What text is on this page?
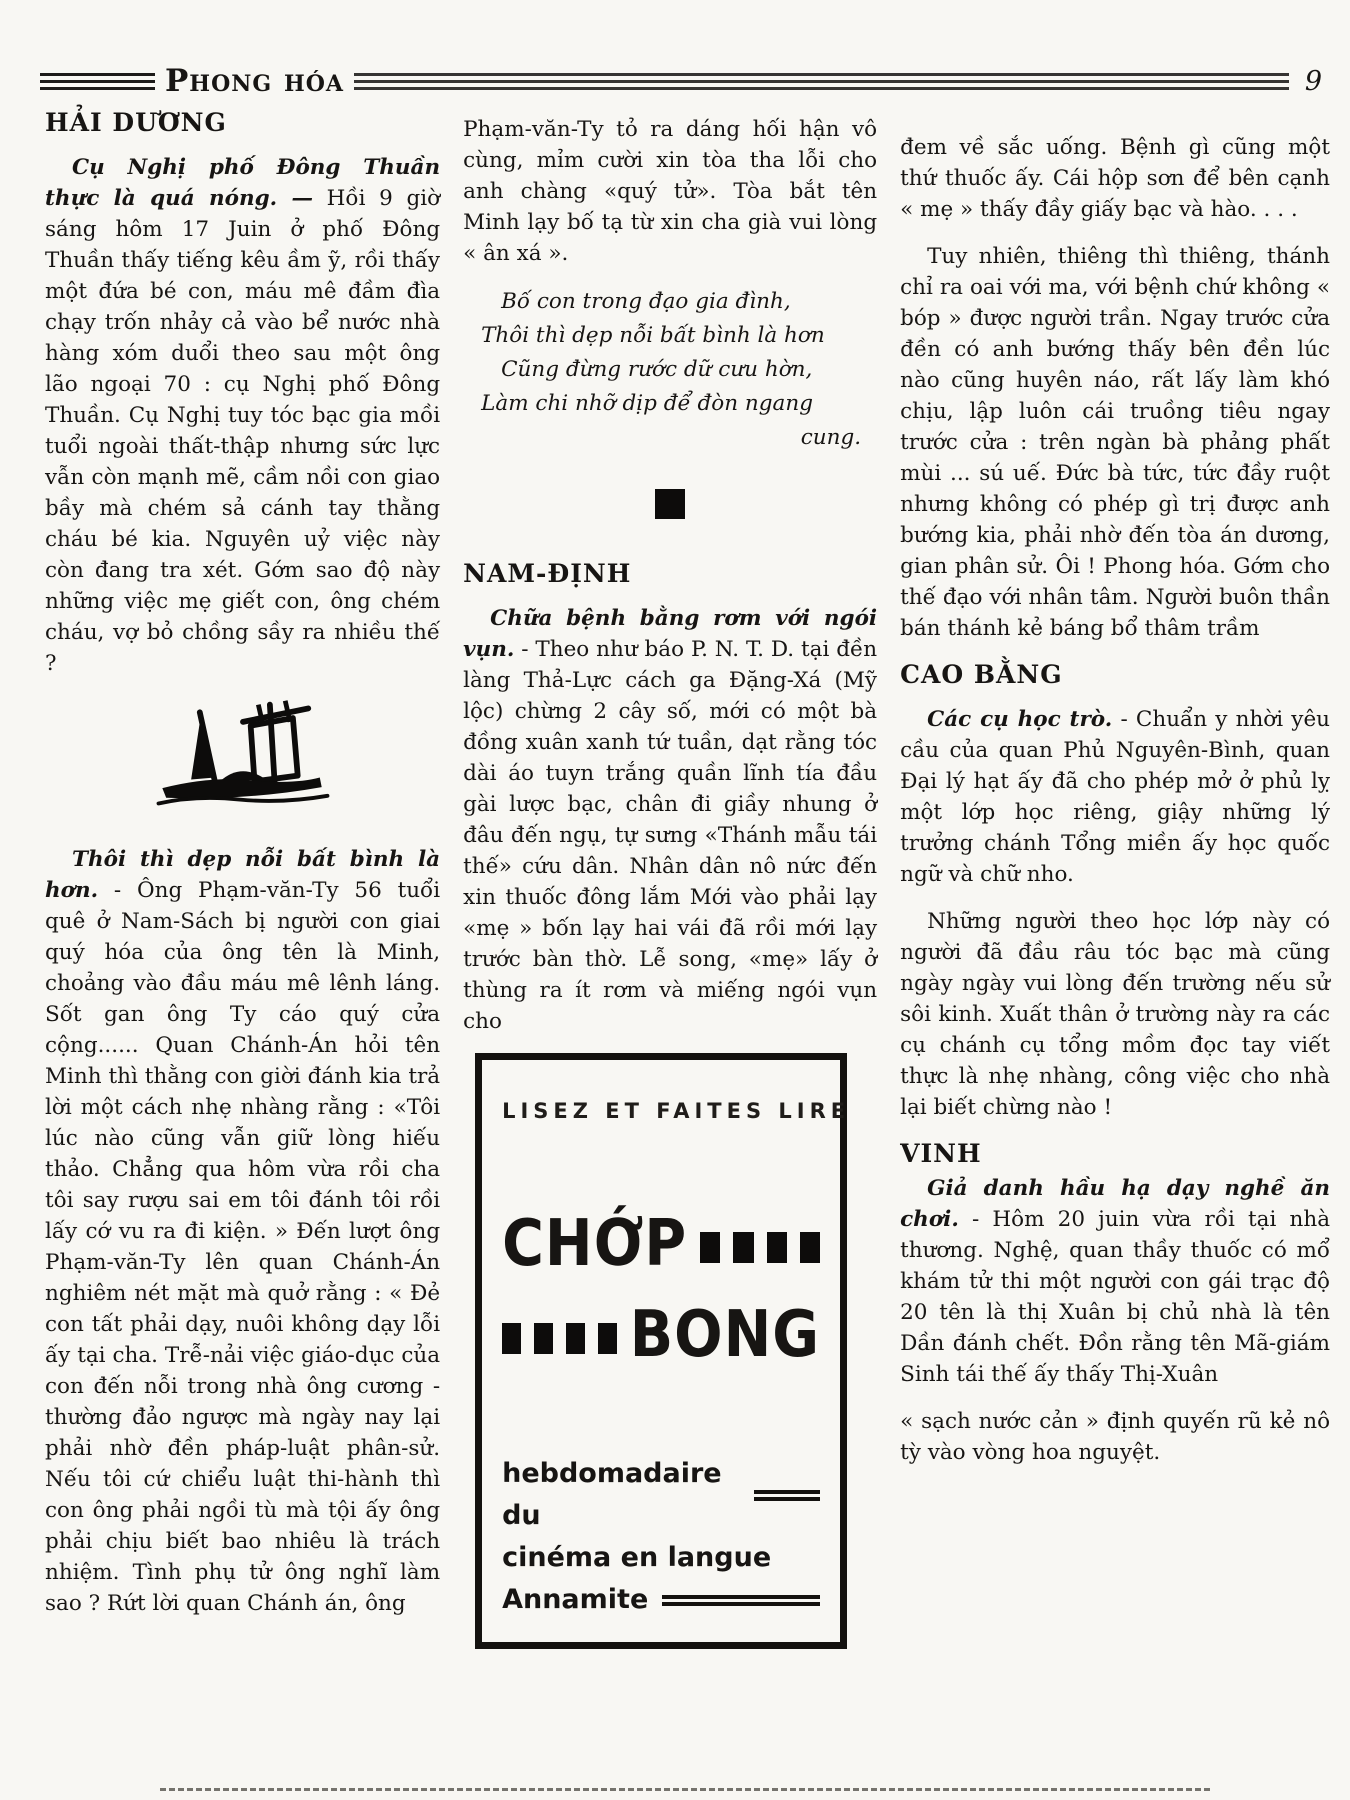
Phong hóa	9
HẢI DƯƠNG

Cụ Nghị phố Đông Thuần thực là quá nóng. — Hồi 9 giờ sáng hôm 17 Juin ở phố Đông Thuần thấy tiếng kêu ầm ỹ, rồi thấy một đứa bé con, máu mê đầm đìa chạy trốn nhảy cả vào bể nước nhà hàng xóm duổi theo sau một ông lão ngoại 70 : cụ Nghị phố Đông Thuần. Cụ Nghị tuy tóc bạc gia mồi tuổi ngoài thất-thập nhưng sức lực vẫn còn mạnh mẽ, cầm nồi con giao bầy mà chém sả cánh tay thằng cháu bé kia. Nguyên uỷ việc này còn đang tra xét. Gớm sao độ này những việc mẹ giết con, ông chém cháu, vợ bỏ chồng sầy ra nhiều thế ?

Thôi thì dẹp nỗi bất bình là hơn. - Ông Phạm-văn-Ty 56 tuổi quê ở Nam-Sách bị người con giai quý hóa của ông tên là Minh, choảng vào đầu máu mê lênh láng. Sốt gan ông Ty cáo quý cửa cộng...... Quan Chánh-Án hỏi tên Minh thì thằng con giời đánh kia trả lời một cách nhẹ nhàng rằng : «Tôi lúc nào cũng vẫn giữ lòng hiếu thảo. Chẳng qua hôm vừa rồi cha tôi say rượu sai em tôi đánh tôi rồi lấy cớ vu ra đi kiện. » Đến lượt ông Phạm-văn-Ty lên quan Chánh-Án nghiêm nét mặt mà quở rằng : « Đẻ con tất phải dạy, nuôi không dạy lỗi ấy tại cha. Trễ-nải việc giáo-dục của con đến nỗi trong nhà ông cương - thường đảo ngược mà ngày nay lại phải nhờ đền pháp-luật phân-sử. Nếu tôi cứ chiểu luật thi-hành thì con ông phải ngồi tù mà tội ấy ông phải chịu biết bao nhiêu là trách nhiệm. Tình phụ tử ông nghĩ làm sao ? Rứt lời quan Chánh án, ông

Phạm-văn-Ty tỏ ra dáng hối hận vô cùng, mỉm cười xin tòa tha lỗi cho anh chàng «quý tử». Tòa bắt tên Minh lạy bố tạ từ xin cha già vui lòng « ân xá ».

Bố con trong đạo gia đình,
Thôi thì dẹp nỗi bất bình là hơn
Cũng đừng rước dữ cưu hờn,
Làm chi nhỡ dịp để đòn ngang
cung.
NAM-ĐỊNH

Chữa bệnh bằng rơm với ngói vụn. - Theo như báo P. N. T. D. tại đền làng Thả-Lực cách ga Đặng-Xá (Mỹ lộc) chừng 2 cây số, mới có một bà đồng xuân xanh tứ tuần, dạt rằng tóc dài áo tuyn trắng quần lĩnh tía đầu gài lược bạc, chân đi giầy nhung ở đâu đến ngụ, tự sưng «Thánh mẫu tái thế» cứu dân. Nhân dân nô nức đến xin thuốc đông lắm Mới vào phải lạy «mẹ » bốn lạy hai vái đã rồi mới lạy trước bàn thờ. Lễ song, «mẹ» lấy ở thùng ra ít rơm và miếng ngói vụn cho

LISEZ ET FAITES LIRE
CHỚP
BONG
hebdomadaire du
cinéma en langue
Annamite

đem về sắc uống. Bệnh gì cũng một thứ thuốc ấy. Cái hộp sơn để bên cạnh « mẹ » thấy đầy giấy bạc và hào. . . .

Tuy nhiên, thiêng thì thiêng, thánh chỉ ra oai với ma, với bệnh chứ không « bóp » được người trần. Ngay trước cửa đền có anh bướng thấy bên đền lúc nào cũng huyên náo, rất lấy làm khó chịu, lập luôn cái truồng tiêu ngay trước cửa : trên ngàn bà phảng phất mùi ... sú uế. Đức bà tức, tức đầy ruột nhưng không có phép gì trị được anh bướng kia, phải nhờ đến tòa án dương, gian phân sử. Ôi ! Phong hóa. Gớm cho thế đạo với nhân tâm. Người buôn thần bán thánh kẻ báng bổ thâm trầm

CAO BẰNG

Các cụ học trò. - Chuẩn y nhời yêu cầu của quan Phủ Nguyên-Bình, quan Đại lý hạt ấy đã cho phép mở ở phủ lỵ một lớp học riêng, giậy những lý trưởng chánh Tổng miền ấy học quốc ngữ và chữ nho.

Những người theo học lớp này có người đã đầu râu tóc bạc mà cũng ngày ngày vui lòng đến trường nếu sử sôi kinh. Xuất thân ở trường này ra các cụ chánh cụ tổng mồm đọc tay viết thực là nhẹ nhàng, công việc cho nhà lại biết chừng nào !

VINH

Giả danh hầu hạ dạy nghề ăn chơi. - Hôm 20 juin vừa rồi tại nhà thương. Nghệ, quan thầy thuốc có mổ khám tử thi một người con gái trạc độ 20 tên là thị Xuân bị chủ nhà là tên Dần đánh chết. Đồn rằng tên Mã-giám Sinh tái thế ấy thấy Thị-Xuân

« sạch nước cản » định quyến rũ kẻ nô tỳ vào vòng hoa nguyệt.
